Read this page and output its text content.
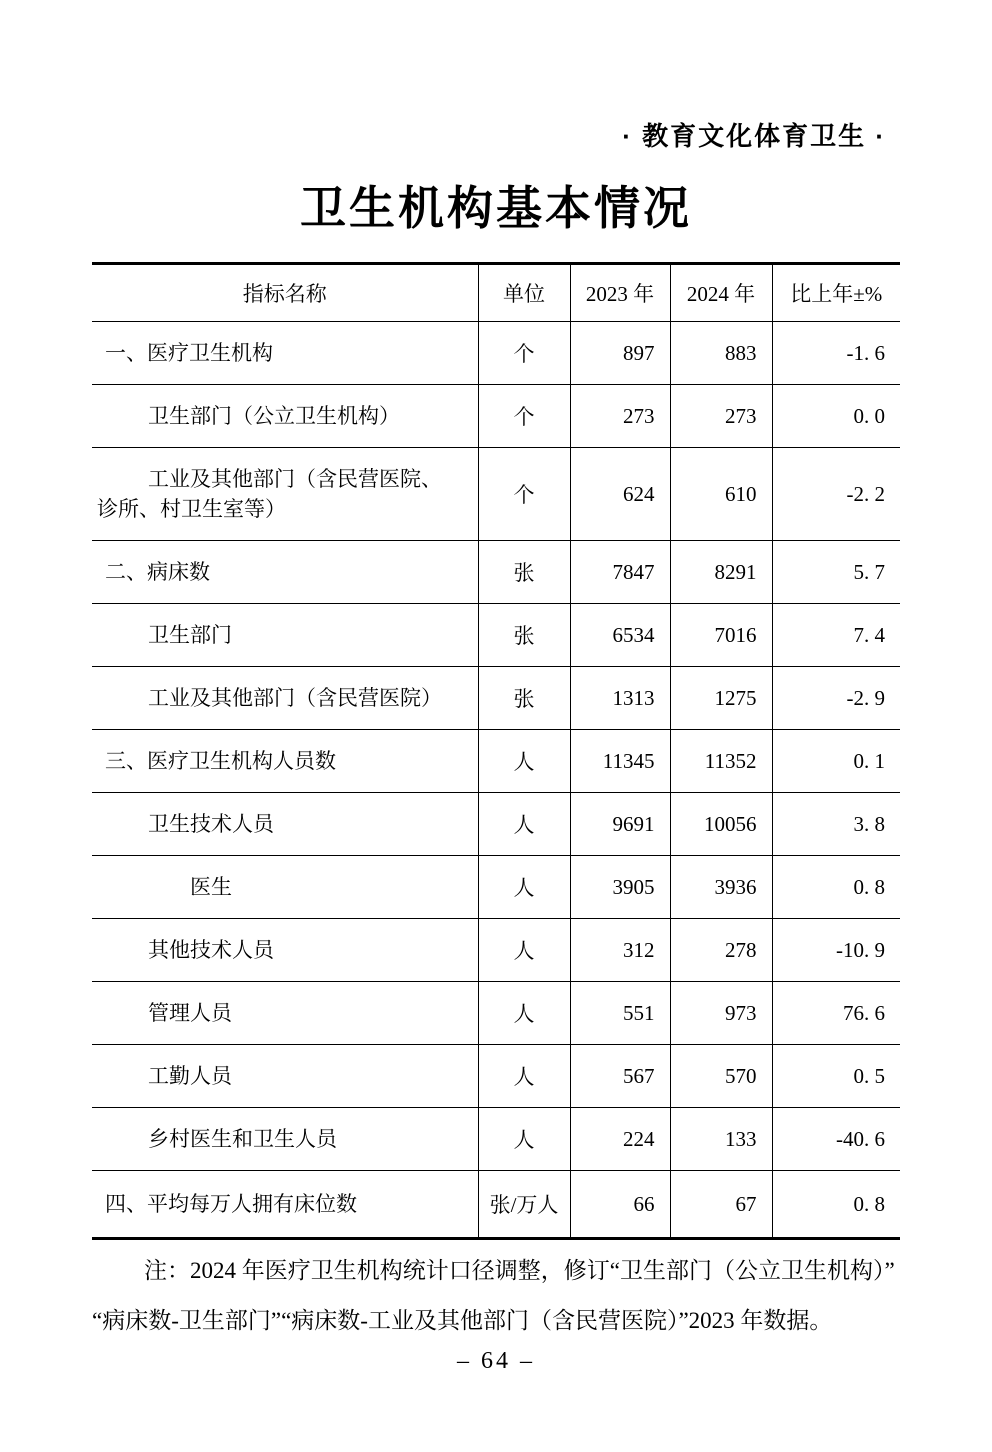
· 教育文化体育卫生 ·
卫生机构基本情况
指标名称	单位	2023 年	2024 年	比上年±%

一、医疗卫生机构	个	897	883	-1. 6

卫生部门（公立卫生机构）	个	273	273	0. 0

工业及其他部门（含民营医院、
诊所、村卫生室等）	个	624	610	-2. 2

二、病床数	张	7847	8291	5. 7

卫生部门	张	6534	7016	7. 4

工业及其他部门（含民营医院）	张	1313	1275	-2. 9

三、医疗卫生机构人员数	人	11345	11352	0. 1

卫生技术人员	人	9691	10056	3. 8

医生	人	3905	3936	0. 8

其他技术人员	人	312	278	-10. 9

管理人员	人	551	973	76. 6

工勤人员	人	567	570	0. 5

乡村医生和卫生人员	人	224	133	-40. 6

四、平均每万人拥有床位数	张/万人	66	67	0. 8
注：2024 年医疗卫生机构统计口径调整，修订“卫生部门（公立卫生机构）”
“病床数-卫生部门”“病床数-工业及其他部门（含民营医院）”2023 年数据。
– 64 –
